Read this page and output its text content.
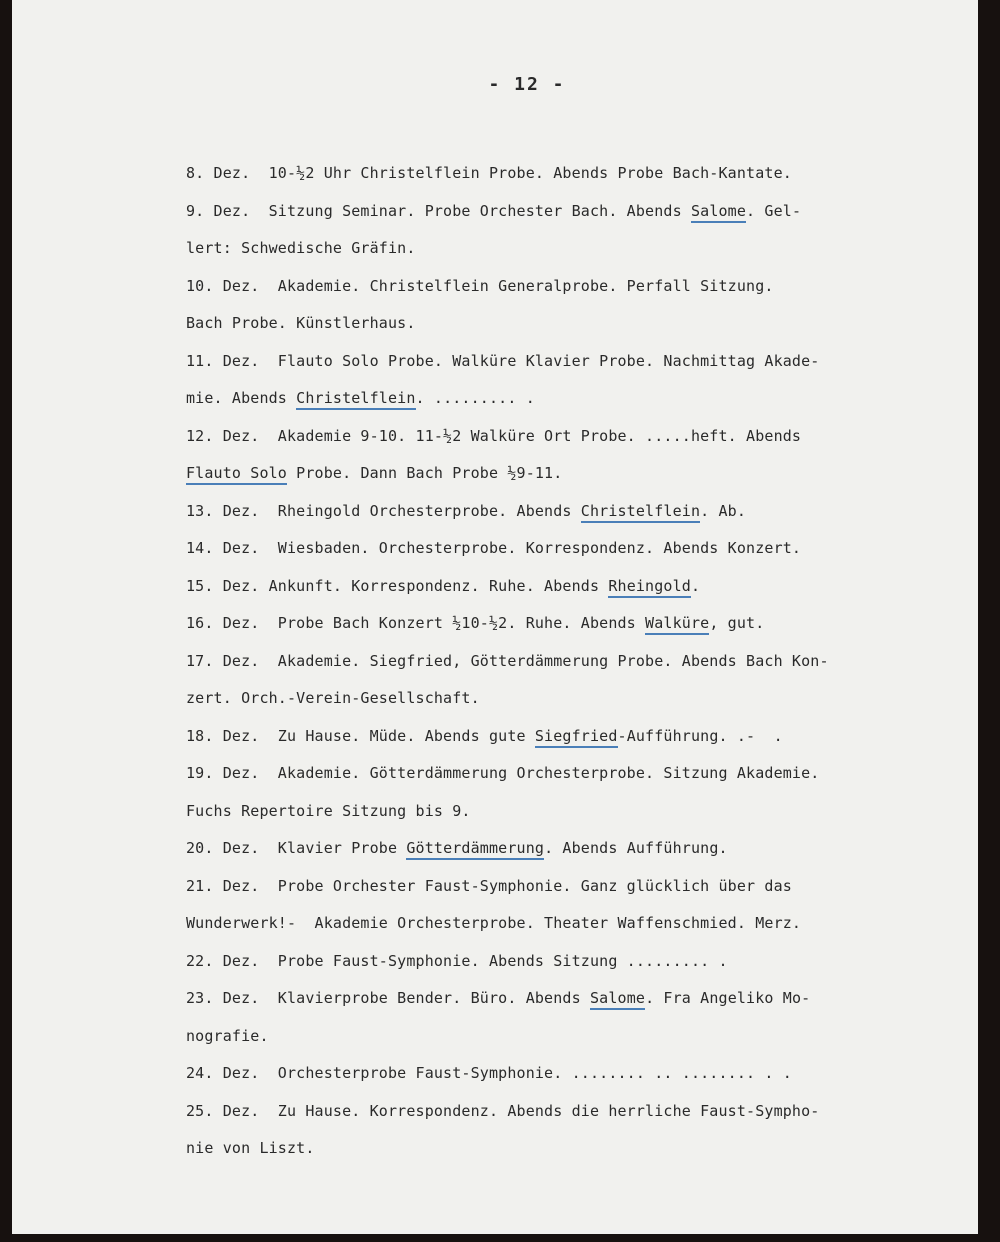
- 12 -
8. Dez.  10-½2 Uhr Christelflein Probe. Abends Probe Bach-Kantate.
9. Dez.  Sitzung Seminar. Probe Orchester Bach. Abends Salome. Gel-
lert: Schwedische Gräfin.
10. Dez.  Akademie. Christelflein Generalprobe. Perfall Sitzung.
Bach Probe. Künstlerhaus.
11. Dez.  Flauto Solo Probe. Walküre Klavier Probe. Nachmittag Akade-
mie. Abends Christelflein. ......... .
12. Dez.  Akademie 9-10. 11-½2 Walküre Ort Probe. .....heft. Abends
Flauto Solo Probe. Dann Bach Probe ½9-11.
13. Dez.  Rheingold Orchesterprobe. Abends Christelflein. Ab.
14. Dez.  Wiesbaden. Orchesterprobe. Korrespondenz. Abends Konzert.
15. Dez. Ankunft. Korrespondenz. Ruhe. Abends Rheingold.
16. Dez.  Probe Bach Konzert ½10-½2. Ruhe. Abends Walküre, gut.
17. Dez.  Akademie. Siegfried, Götterdämmerung Probe. Abends Bach Kon-
zert. Orch.-Verein-Gesellschaft.
18. Dez.  Zu Hause. Müde. Abends gute Siegfried-Aufführung. .-  .
19. Dez.  Akademie. Götterdämmerung Orchesterprobe. Sitzung Akademie.
Fuchs Repertoire Sitzung bis 9.
20. Dez.  Klavier Probe Götterdämmerung. Abends Aufführung.
21. Dez.  Probe Orchester Faust-Symphonie. Ganz glücklich über das
Wunderwerk!-  Akademie Orchesterprobe. Theater Waffenschmied. Merz.
22. Dez.  Probe Faust-Symphonie. Abends Sitzung ......... .
23. Dez.  Klavierprobe Bender. Büro. Abends Salome. Fra Angeliko Mo-
nografie.
24. Dez.  Orchesterprobe Faust-Symphonie. ........ .. ........ . .
25. Dez.  Zu Hause. Korrespondenz. Abends die herrliche Faust-Sympho-
nie von Liszt.
